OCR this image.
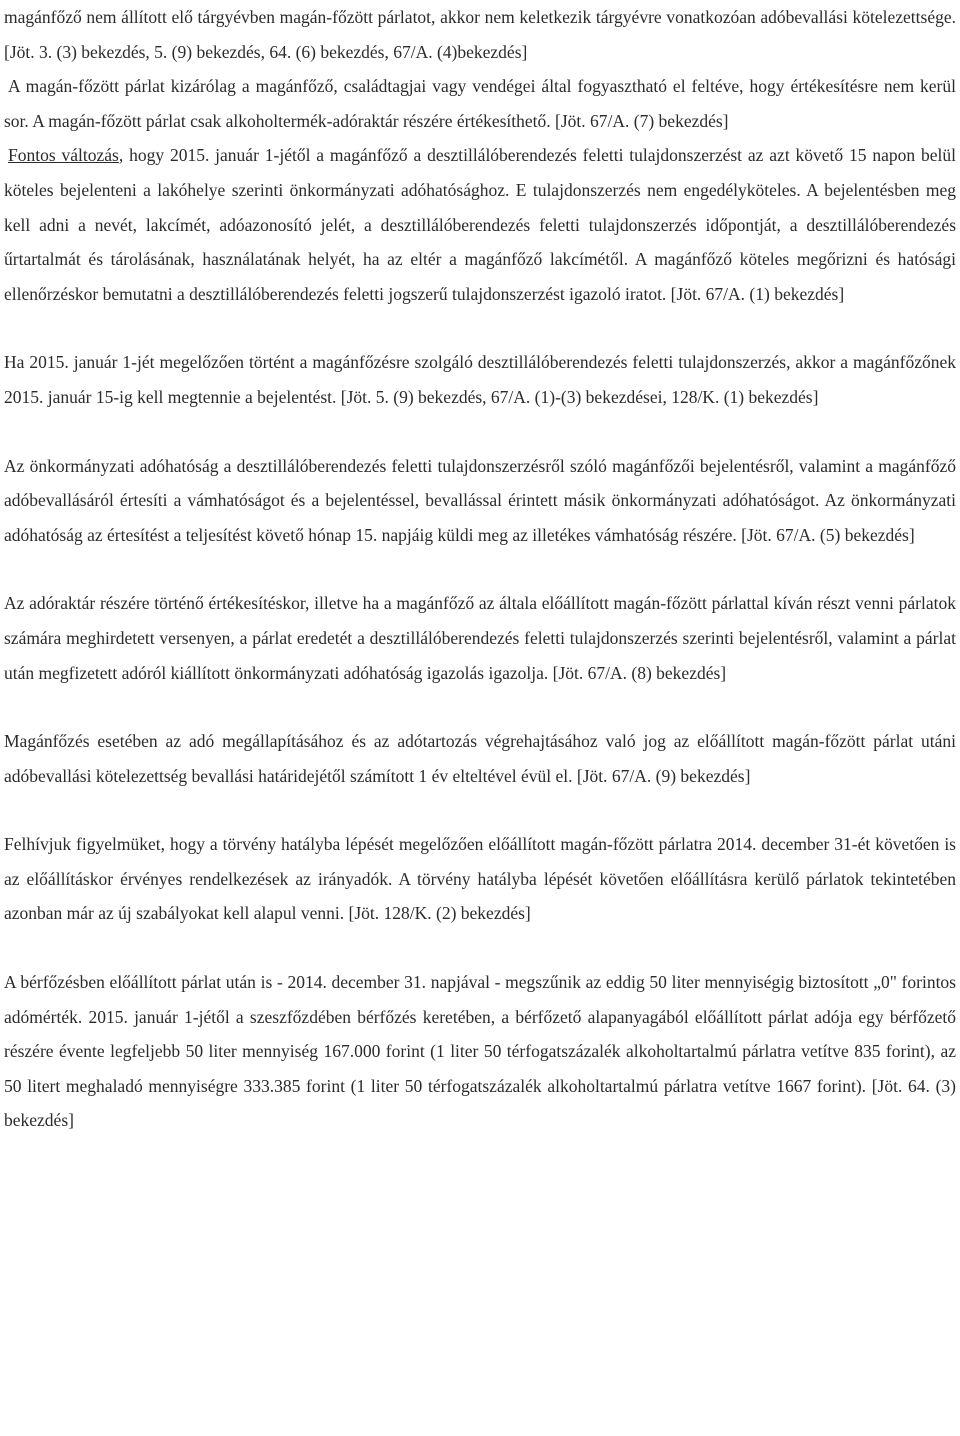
magánfőző nem állított elő tárgyévben magán-főzött párlatot, akkor nem keletkezik tárgyévre vonatkozóan adóbevallási kötelezettsége. [Jöt. 3. (3) bekezdés, 5. (9) bekezdés, 64. (6) bekezdés, 67/A. (4)bekezdés]

A magán-főzött párlat kizárólag a magánfőző, családtagjai vagy vendégei által fogyasztható el feltéve, hogy értékesítésre nem kerül sor. A magán-főzött párlat csak alkoholtermék-adóraktár részére értékesíthető. [Jöt. 67/A. (7) bekezdés]

Fontos változás, hogy 2015. január 1-jétől a magánfőző a desztillálóberendezés feletti tulajdonszerzést az azt követő 15 napon belül köteles bejelenteni a lakóhelye szerinti önkormányzati adóhatósághoz. E tulajdonszerzés nem engedélyköteles. A bejelentésben meg kell adni a nevét, lakcímét, adóazonosító jelét, a desztillálóberendezés feletti tulajdonszerzés időpontját, a desztillálóberendezés űrtartalmát és tárolásának, használatának helyét, ha az eltér a magánfőző lakcímétől. A magánfőző köteles megőrizni és hatósági ellenőrzéskor bemutatni a desztillálóberendezés feletti jogszerű tulajdonszerzést igazoló iratot. [Jöt. 67/A. (1) bekezdés]

Ha 2015. január 1-jét megelőzően történt a magánfőzésre szolgáló desztillálóberendezés feletti tulajdonszerzés, akkor a magánfőzőnek 2015. január 15-ig kell megtennie a bejelentést. [Jöt. 5. (9) bekezdés, 67/A. (1)-(3) bekezdései, 128/K. (1) bekezdés]

Az önkormányzati adóhatóság a desztillálóberendezés feletti tulajdonszerzésről szóló magánfőzői bejelentésről, valamint a magánfőző adóbevallásáról értesíti a vámhatóságot és a bejelentéssel, bevallással érintett másik önkormányzati adóhatóságot. Az önkormányzati adóhatóság az értesítést a teljesítést követő hónap 15. napjáig küldi meg az illetékes vámhatóság részére. [Jöt. 67/A. (5) bekezdés]

Az adóraktár részére történő értékesítéskor, illetve ha a magánfőző az általa előállított magán-főzött párlattal kíván részt venni párlatok számára meghirdetett versenyen, a párlat eredetét a desztillálóberendezés feletti tulajdonszerzés szerinti bejelentésről, valamint a párlat után megfizetett adóról kiállított önkormányzati adóhatóság igazolás igazolja. [Jöt. 67/A. (8) bekezdés]

Magánfőzés esetében az adó megállapításához és az adótartozás végrehajtásához való jog az előállított magán-főzött párlat utáni adóbevallási kötelezettség bevallási határidejétől számított 1 év elteltével évül el. [Jöt. 67/A. (9) bekezdés]

Felhívjuk figyelmüket, hogy a törvény hatályba lépését megelőzően előállított magán-főzött párlatra 2014. december 31-ét követően is az előállításkor érvényes rendelkezések az irányadók. A törvény hatályba lépését követően előállításra kerülő párlatok tekintetében azonban már az új szabályokat kell alapul venni. [Jöt. 128/K. (2) bekezdés]

A bérfőzésben előállított párlat után is - 2014. december 31. napjával - megszűnik az eddig 50 liter mennyiségig biztosított „0" forintos adómérték. 2015. január 1-jétől a szeszfőzdében bérfőzés keretében, a bérfőzető alapanyagából előállított párlat adója egy bérfőzető részére évente legfeljebb 50 liter mennyiség 167.000 forint (1 liter 50 térfogatszázalék alkoholtartalmú párlatra vetítve 835 forint), az 50 litert meghaladó mennyiségre 333.385 forint (1 liter 50 térfogatszázalék alkoholtartalmú párlatra vetítve 1667 forint). [Jöt. 64. (3) bekezdés]
